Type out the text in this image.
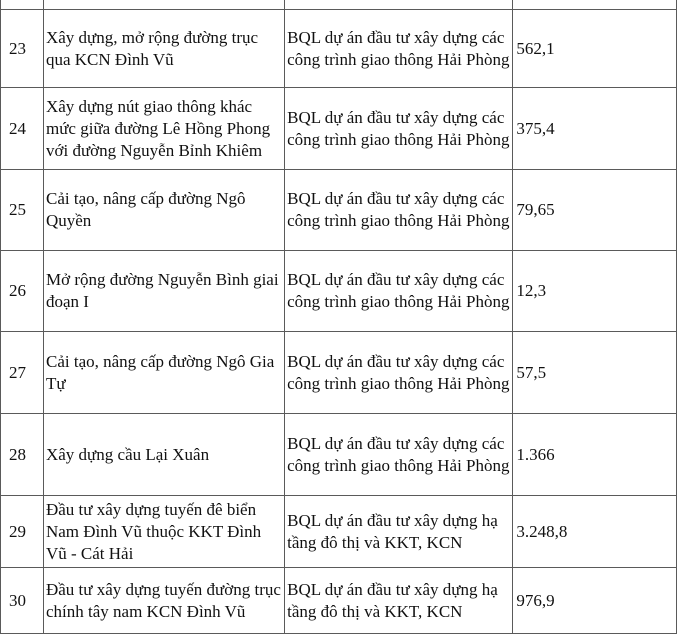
23	Xây dựng, mở rộng đường trục qua KCN Đình Vũ	BQL dự án đầu tư xây dựng các công trình giao thông Hải Phòng	562,1

24	Xây dựng nút giao thông khác mức giữa đường Lê Hồng Phong với đường Nguyễn Bỉnh Khiêm	BQL dự án đầu tư xây dựng các công trình giao thông Hải Phòng	375,4

25	Cải tạo, nâng cấp đường Ngô Quyền	BQL dự án đầu tư xây dựng các công trình giao thông Hải Phòng	79,65

26	Mở rộng đường Nguyễn Bình giai đoạn I	BQL dự án đầu tư xây dựng các công trình giao thông Hải Phòng	12,3

27	Cải tạo, nâng cấp đường Ngô Gia Tự	BQL dự án đầu tư xây dựng các công trình giao thông Hải Phòng	57,5

28	Xây dựng cầu Lại Xuân	BQL dự án đầu tư xây dựng các công trình giao thông Hải Phòng	1.366

29	Đầu tư xây dựng tuyến đê biển Nam Đình Vũ thuộc KKT Đình Vũ - Cát Hải	BQL dự án đầu tư xây dựng hạ tầng đô thị và KKT, KCN	3.248,8

30	Đầu tư xây dựng tuyến đường trục chính tây nam KCN Đình Vũ	BQL dự án đầu tư xây dựng hạ tầng đô thị và KKT, KCN	976,9
